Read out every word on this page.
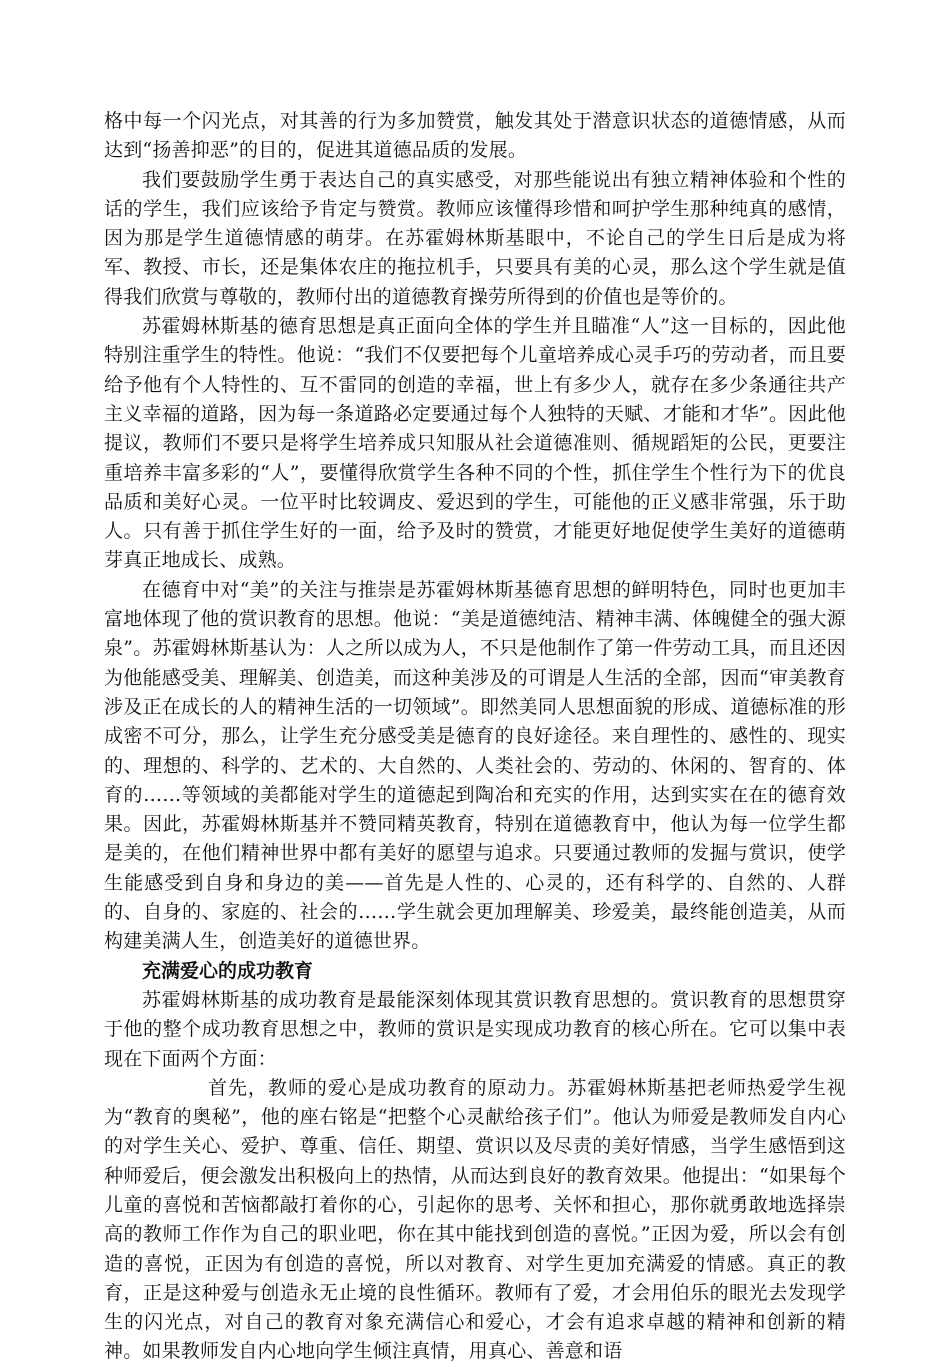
格中每一个闪光点，对其善的行为多加赞赏，触发其处于潜意识状态的道德情感，从而达到“扬善抑恶”的目的，促进其道德品质的发展。

我们要鼓励学生勇于表达自己的真实感受，对那些能说出有独立精神体验和个性的话的学生，我们应该给予肯定与赞赏。教师应该懂得珍惜和呵护学生那种纯真的感情，因为那是学生道德情感的萌芽。在苏霍姆林斯基眼中，不论自己的学生日后是成为将军、教授、市长，还是集体农庄的拖拉机手，只要具有美的心灵，那么这个学生就是值得我们欣赏与尊敬的，教师付出的道德教育操劳所得到的价值也是等价的。

苏霍姆林斯基的德育思想是真正面向全体的学生并且瞄准“人”这一目标的，因此他特别注重学生的特性。他说：“我们不仅要把每个儿童培养成心灵手巧的劳动者，而且要给予他有个人特性的、互不雷同的创造的幸福，世上有多少人，就存在多少条通往共产主义幸福的道路，因为每一条道路必定要通过每个人独特的天赋、才能和才华”。因此他提议，教师们不要只是将学生培养成只知服从社会道德准则、循规蹈矩的公民，更要注重培养丰富多彩的“人”，要懂得欣赏学生各种不同的个性，抓住学生个性行为下的优良品质和美好心灵。一位平时比较调皮、爱迟到的学生，可能他的正义感非常强，乐于助人。只有善于抓住学生好的一面，给予及时的赞赏，才能更好地促使学生美好的道德萌芽真正地成长、成熟。

在德育中对“美”的关注与推崇是苏霍姆林斯基德育思想的鲜明特色，同时也更加丰富地体现了他的赏识教育的思想。他说：“美是道德纯洁、精神丰满、体魄健全的强大源泉”。苏霍姆林斯基认为：人之所以成为人，不只是他制作了第一件劳动工具，而且还因为他能感受美、理解美、创造美，而这种美涉及的可谓是人生活的全部，因而“审美教育涉及正在成长的人的精神生活的一切领域”。即然美同人思想面貌的形成、道德标准的形成密不可分，那么，让学生充分感受美是德育的良好途径。来自理性的、感性的、现实的、理想的、科学的、艺术的、大自然的、人类社会的、劳动的、休闲的、智育的、体育的……等领域的美都能对学生的道德起到陶冶和充实的作用，达到实实在在的德育效果。因此，苏霍姆林斯基并不赞同精英教育，特别在道德教育中，他认为每一位学生都是美的，在他们精神世界中都有美好的愿望与追求。只要通过教师的发掘与赏识，使学生能感受到自身和身边的美——首先是人性的、心灵的，还有科学的、自然的、人群的、自身的、家庭的、社会的……学生就会更加理解美、珍爱美，最终能创造美，从而构建美满人生，创造美好的道德世界。

充满爱心的成功教育

苏霍姆林斯基的成功教育是最能深刻体现其赏识教育思想的。赏识教育的思想贯穿于他的整个成功教育思想之中，教师的赏识是实现成功教育的核心所在。它可以集中表现在下面两个方面：

首先，教师的爱心是成功教育的原动力。苏霍姆林斯基把老师热爱学生视为“教育的奥秘”，他的座右铭是“把整个心灵献给孩子们”。他认为师爱是教师发自内心的对学生关心、爱护、尊重、信任、期望、赏识以及尽责的美好情感，当学生感悟到这种师爱后，便会激发出积极向上的热情，从而达到良好的教育效果。他提出：“如果每个儿童的喜悦和苦恼都敲打着你的心，引起你的思考、关怀和担心，那你就勇敢地选择崇高的教师工作作为自己的职业吧，你在其中能找到创造的喜悦。”正因为爱，所以会有创造的喜悦，正因为有创造的喜悦，所以对教育、对学生更加充满爱的情感。真正的教育，正是这种爱与创造永无止境的良性循环。教师有了爱，才会用伯乐的眼光去发现学生的闪光点，对自己的教育对象充满信心和爱心，才会有追求卓越的精神和创新的精神。如果教师发自内心地向学生倾注真情，用真心、善意和语
